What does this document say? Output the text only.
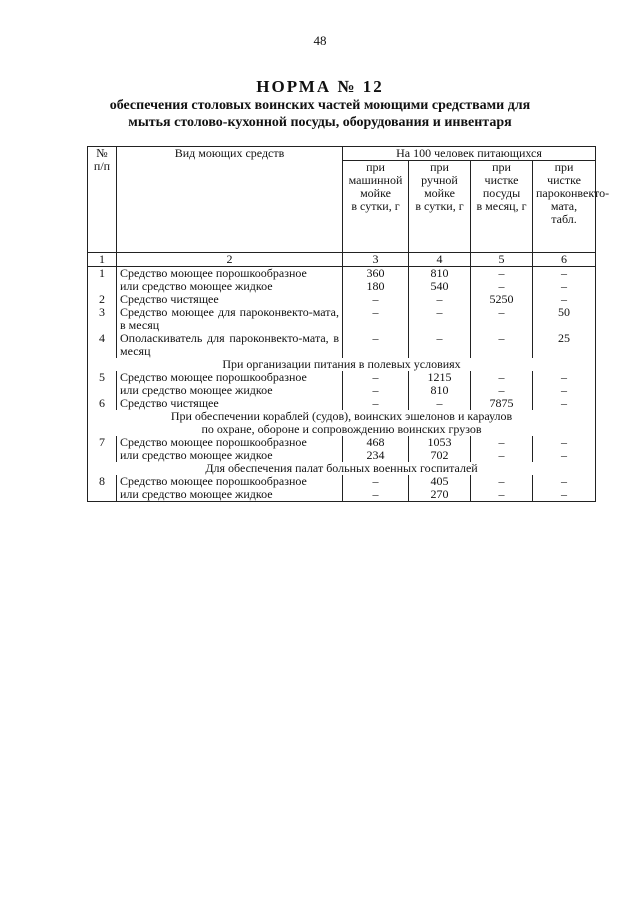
48
НОРМА № 12
обеспечения столовых воинских частей моющими средствами для
мытья столово-кухонной посуды, оборудования и инвентаря
№
п/п	Вид моющих средств	На 100 человек питающихся			
		при
машинной
мойке
в сутки, г	при
ручной
мойке
в сутки, г	при
чистке
посуды
в месяц, г	при
чистке
пароконвекто-
мата,
табл.
1	2	3	4	5	6
1	Средство моющее порошкообразное	360	810	–	–
	или средство моющее жидкое	180	540	–	–
2	Средство чистящее	–	–	5250	–
3	Средство моющее для пароконвекто-мата, в месяц	–	–	–	50
4	Ополаскиватель для пароконвекто-мата, в месяц	–	–	–	25
При организации питания в полевых условиях					
5	Средство моющее порошкообразное	–	1215	–	–
	или средство моющее жидкое	–	810	–	–
6	Средство чистящее	–	–	7875	–

При обеспечении кораблей (судов), воинских эшелонов и караулов
по охране, обороне и сопровождению воинских грузов					

7	Средство моющее порошкообразное	468	1053	–	–
	или средство моющее жидкое	234	702	–	–
Для обеспечения палат больных военных госпиталей					
8	Средство моющее порошкообразное	–	405	–	–
	или средство моющее жидкое	–	270	–	–
